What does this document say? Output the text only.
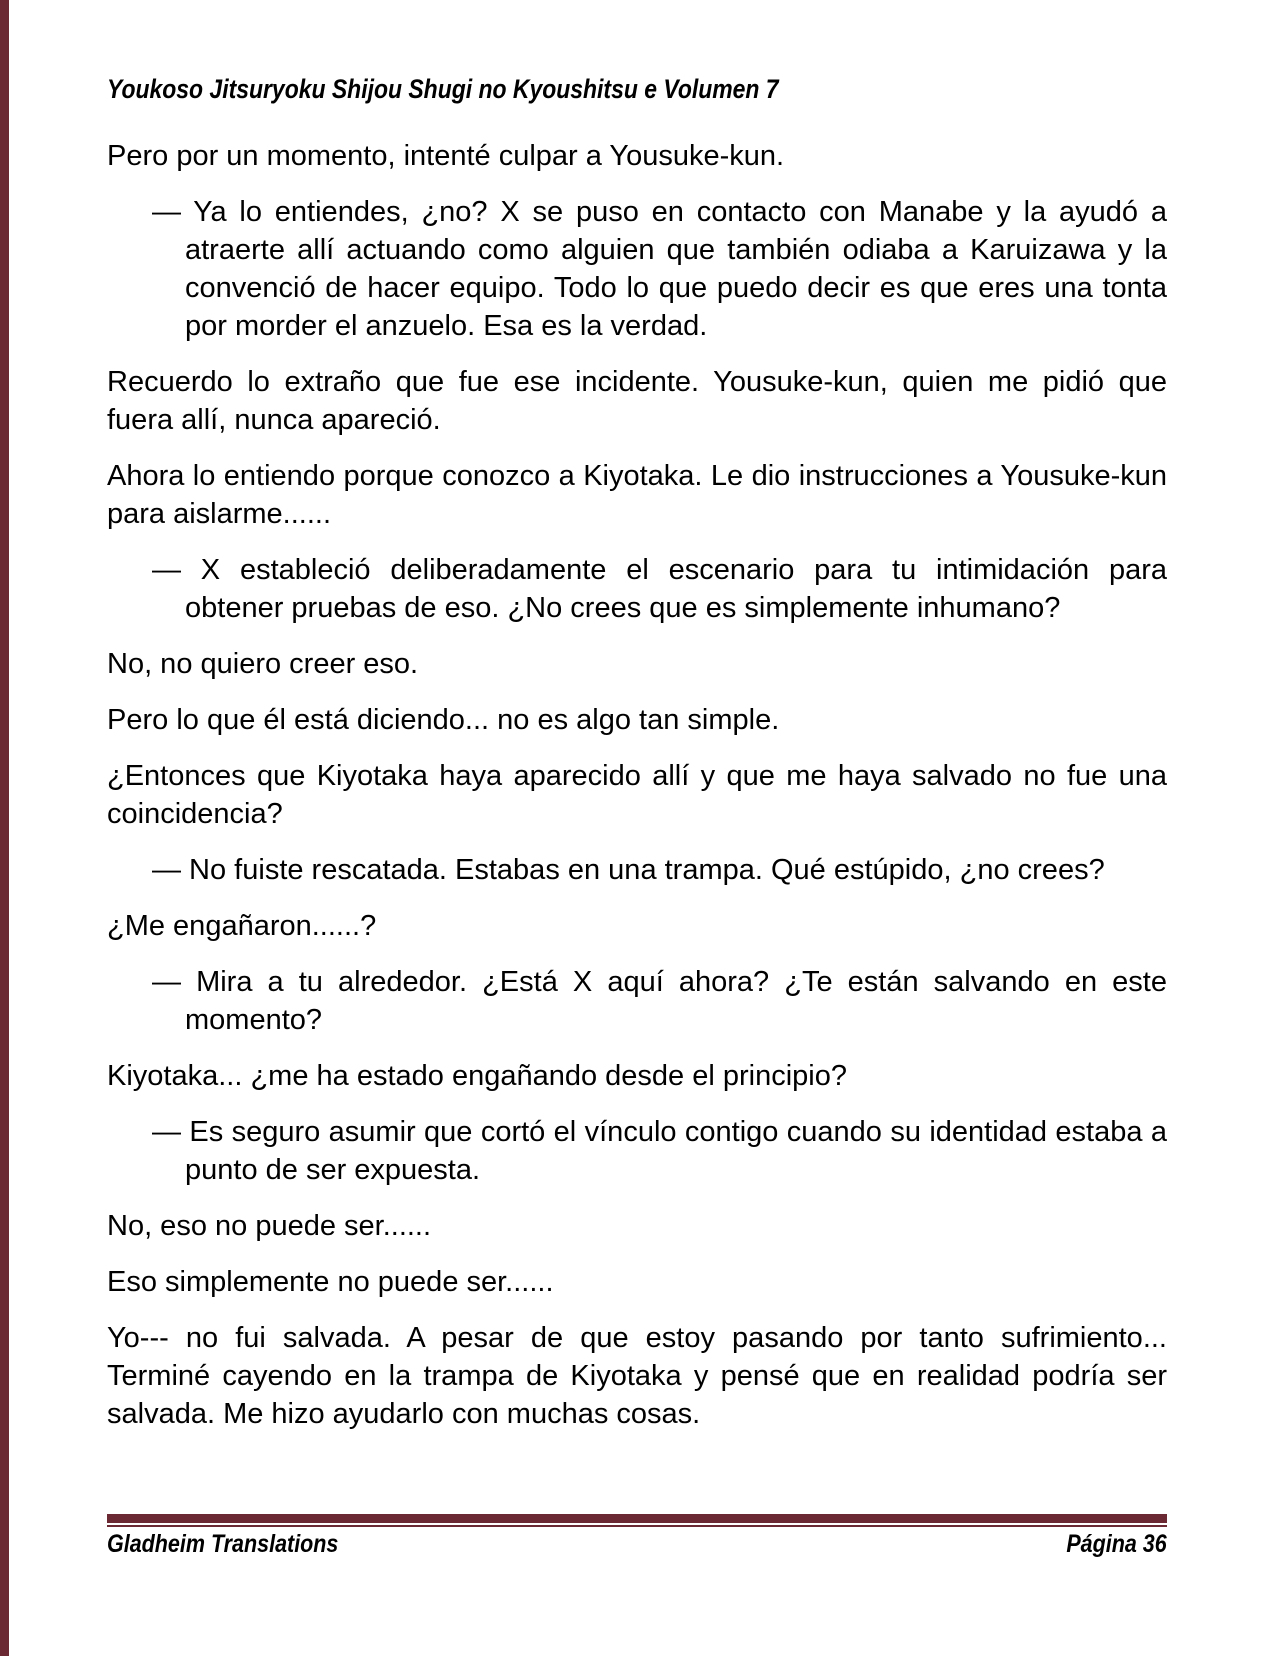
Youkoso Jitsuryoku Shijou Shugi no Kyoushitsu e Volumen 7

Pero por un momento, intenté culpar a Yousuke-kun.

— Ya lo entiendes, ¿no? X se puso en contacto con Manabe y la ayudó a atraerte allí actuando como alguien que también odiaba a Karuizawa y la convenció de hacer equipo. Todo lo que puedo decir es que eres una tonta por morder el anzuelo. Esa es la verdad.

Recuerdo lo extraño que fue ese incidente. Yousuke-kun, quien me pidió que fuera allí, nunca apareció.

Ahora lo entiendo porque conozco a Kiyotaka. Le dio instrucciones a Yousuke-kun para aislarme......

— X estableció deliberadamente el escenario para tu intimidación para obtener pruebas de eso. ¿No crees que es simplemente inhumano?

No, no quiero creer eso.

Pero lo que él está diciendo... no es algo tan simple.

¿Entonces que Kiyotaka haya aparecido allí y que me haya salvado no fue una coincidencia?

— No fuiste rescatada. Estabas en una trampa. Qué estúpido, ¿no crees?

¿Me engañaron......?

— Mira a tu alrededor. ¿Está X aquí ahora? ¿Te están salvando en este momento?

Kiyotaka... ¿me ha estado engañando desde el principio?

— Es seguro asumir que cortó el vínculo contigo cuando su identidad estaba a punto de ser expuesta.

No, eso no puede ser......

Eso simplemente no puede ser......

Yo--- no fui salvada. A pesar de que estoy pasando por tanto sufrimiento... Terminé cayendo en la trampa de Kiyotaka y pensé que en realidad podría ser salvada. Me hizo ayudarlo con muchas cosas.

Gladheim Translations	Página 36
